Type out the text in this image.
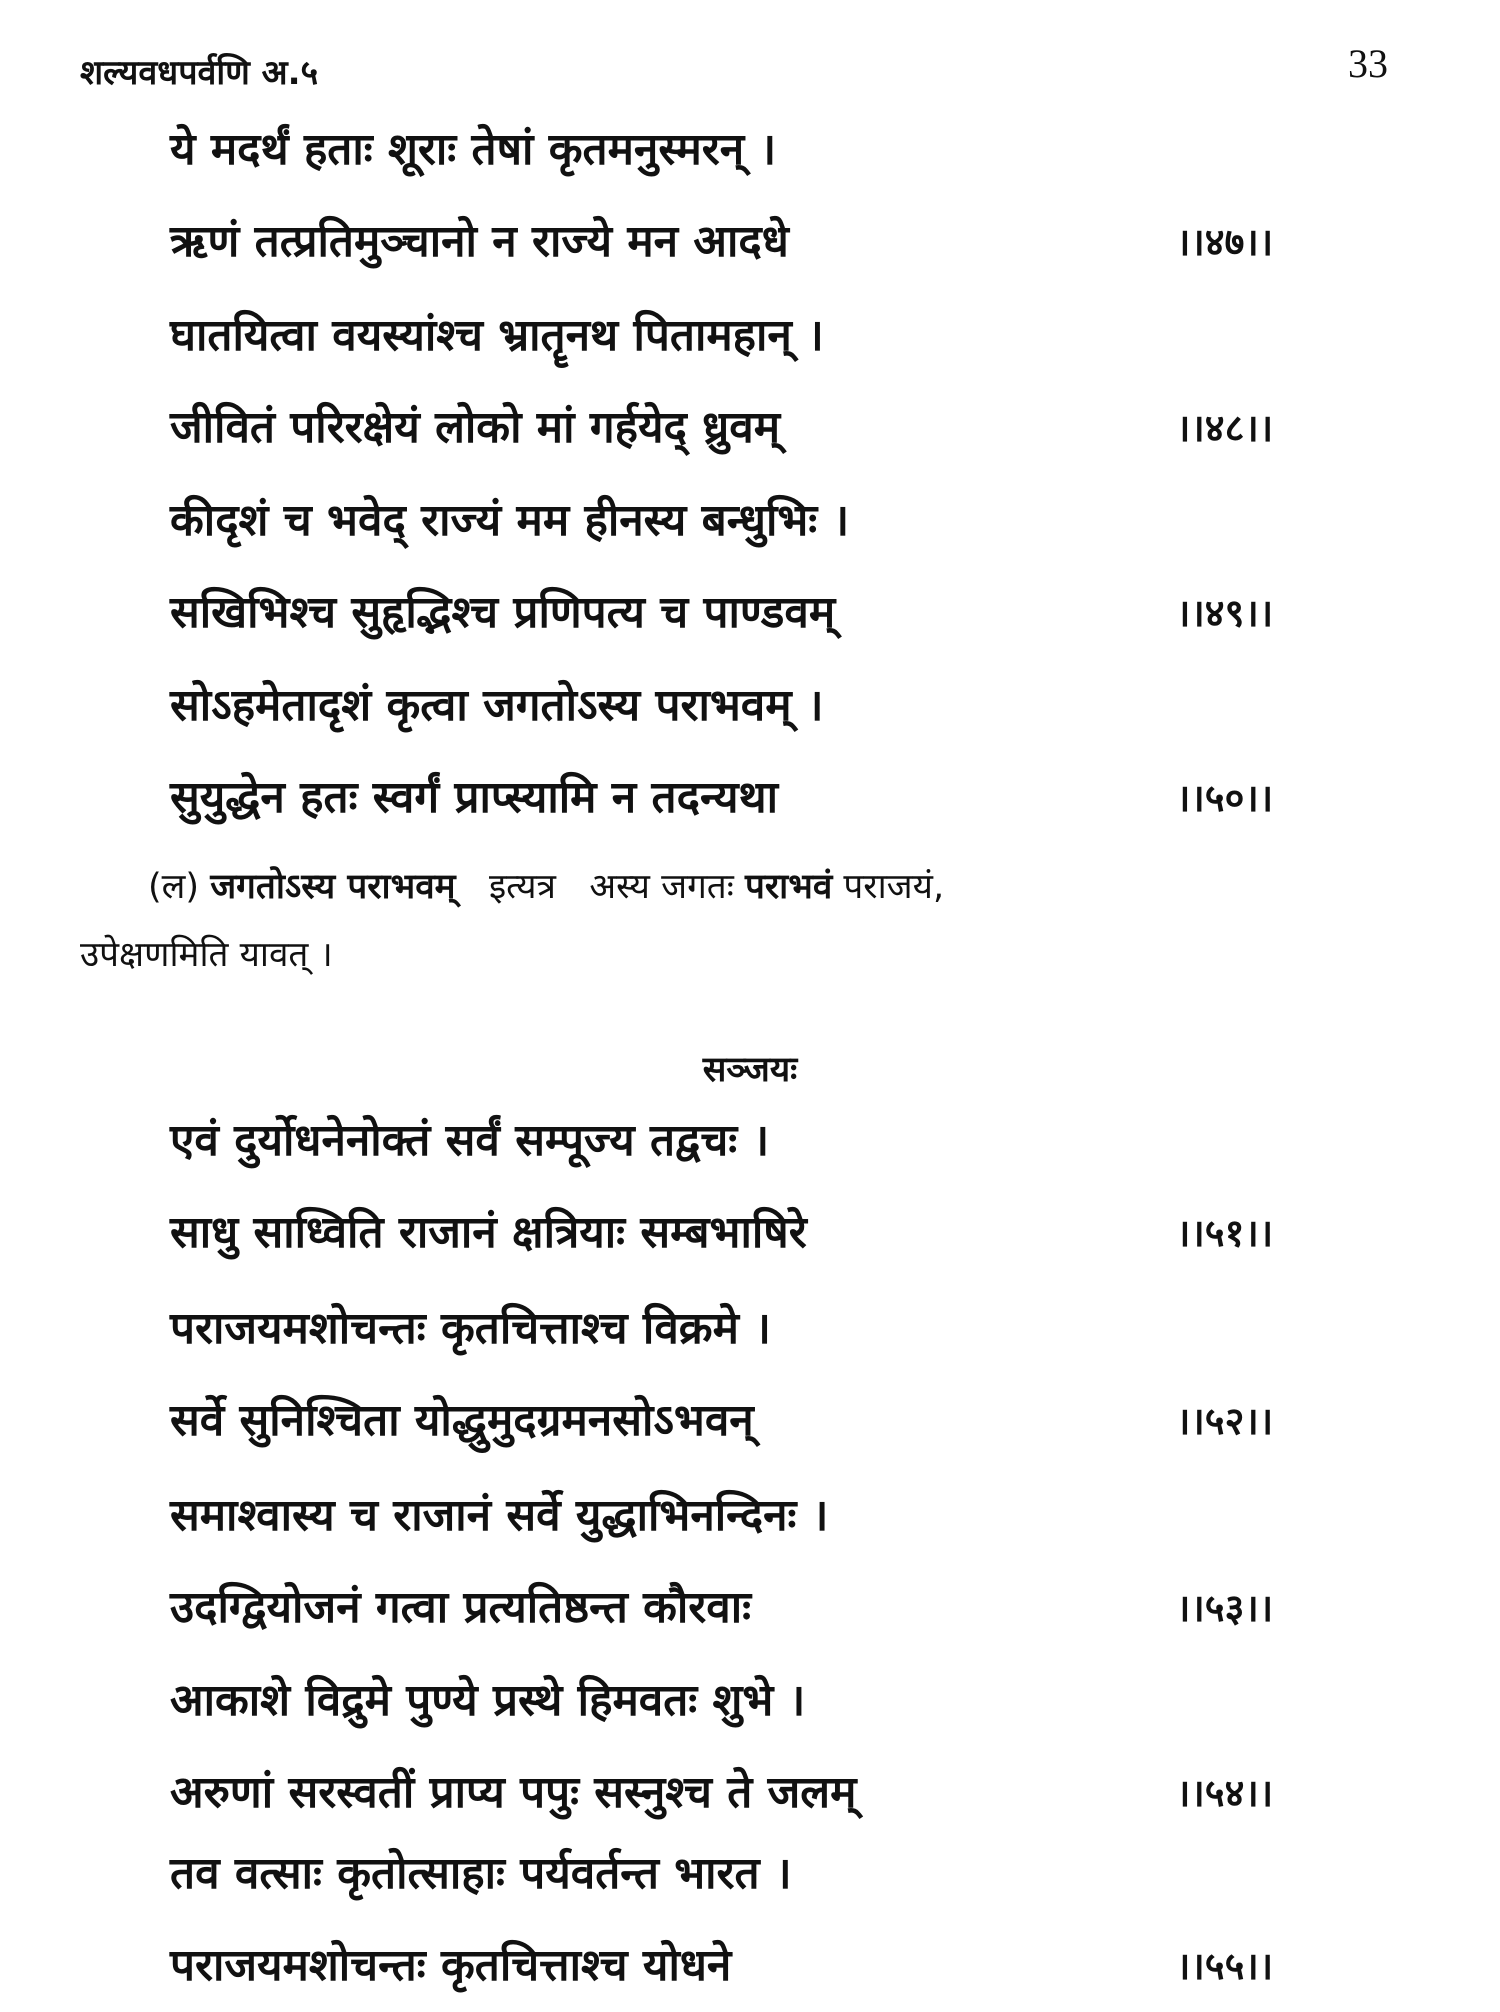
शल्यवधपर्वणि अ.५	33
ये मदर्थं हताः शूराः तेषां कृतमनुस्मरन् ।
ऋणं तत्प्रतिमुञ्चानो न राज्ये मन आदधे	।।४७।।
घातयित्वा वयस्यांश्च भ्रातॄनथ पितामहान् ।
जीवितं परिरक्षेयं लोको मां गर्हयेद् ध्रुवम्	।।४८।।
कीदृशं च भवेद् राज्यं मम हीनस्य बन्धुभिः ।
सखिभिश्च सुहृद्भिश्च प्रणिपत्य च पाण्डवम्	।।४९।।
सोऽहमेतादृशं कृत्वा जगतोऽस्य पराभवम् ।
सुयुद्धेन हतः स्वर्गं प्राप्स्यामि न तदन्यथा	।।५०।।
(ल) जगतोऽस्य पराभवम् इत्यत्र अस्य जगतः पराभवं पराजयं,
उपेक्षणमिति यावत् ।
सञ्जयः
एवं दुर्योधनेनोक्तं सर्वं सम्पूज्य तद्वचः ।
साधु साध्विति राजानं क्षत्रियाः सम्बभाषिरे	।।५१।।
पराजयमशोचन्तः कृतचित्ताश्च विक्रमे ।
सर्वे सुनिश्चिता योद्धुमुदग्रमनसोऽभवन्	।।५२।।
समाश्वास्य च राजानं सर्वे युद्धाभिनन्दिनः ।
उदग्द्वियोजनं गत्वा प्रत्यतिष्ठन्त कौरवाः	।।५३।।
आकाशे विद्रुमे पुण्ये प्रस्थे हिमवतः शुभे ।
अरुणां सरस्वतीं प्राप्य पपुः सस्नुश्च ते जलम्	।।५४।।
तव वत्साः कृतोत्साहाः पर्यवर्तन्त भारत ।
पराजयमशोचन्तः कृतचित्ताश्च योधने	।।५५।।
